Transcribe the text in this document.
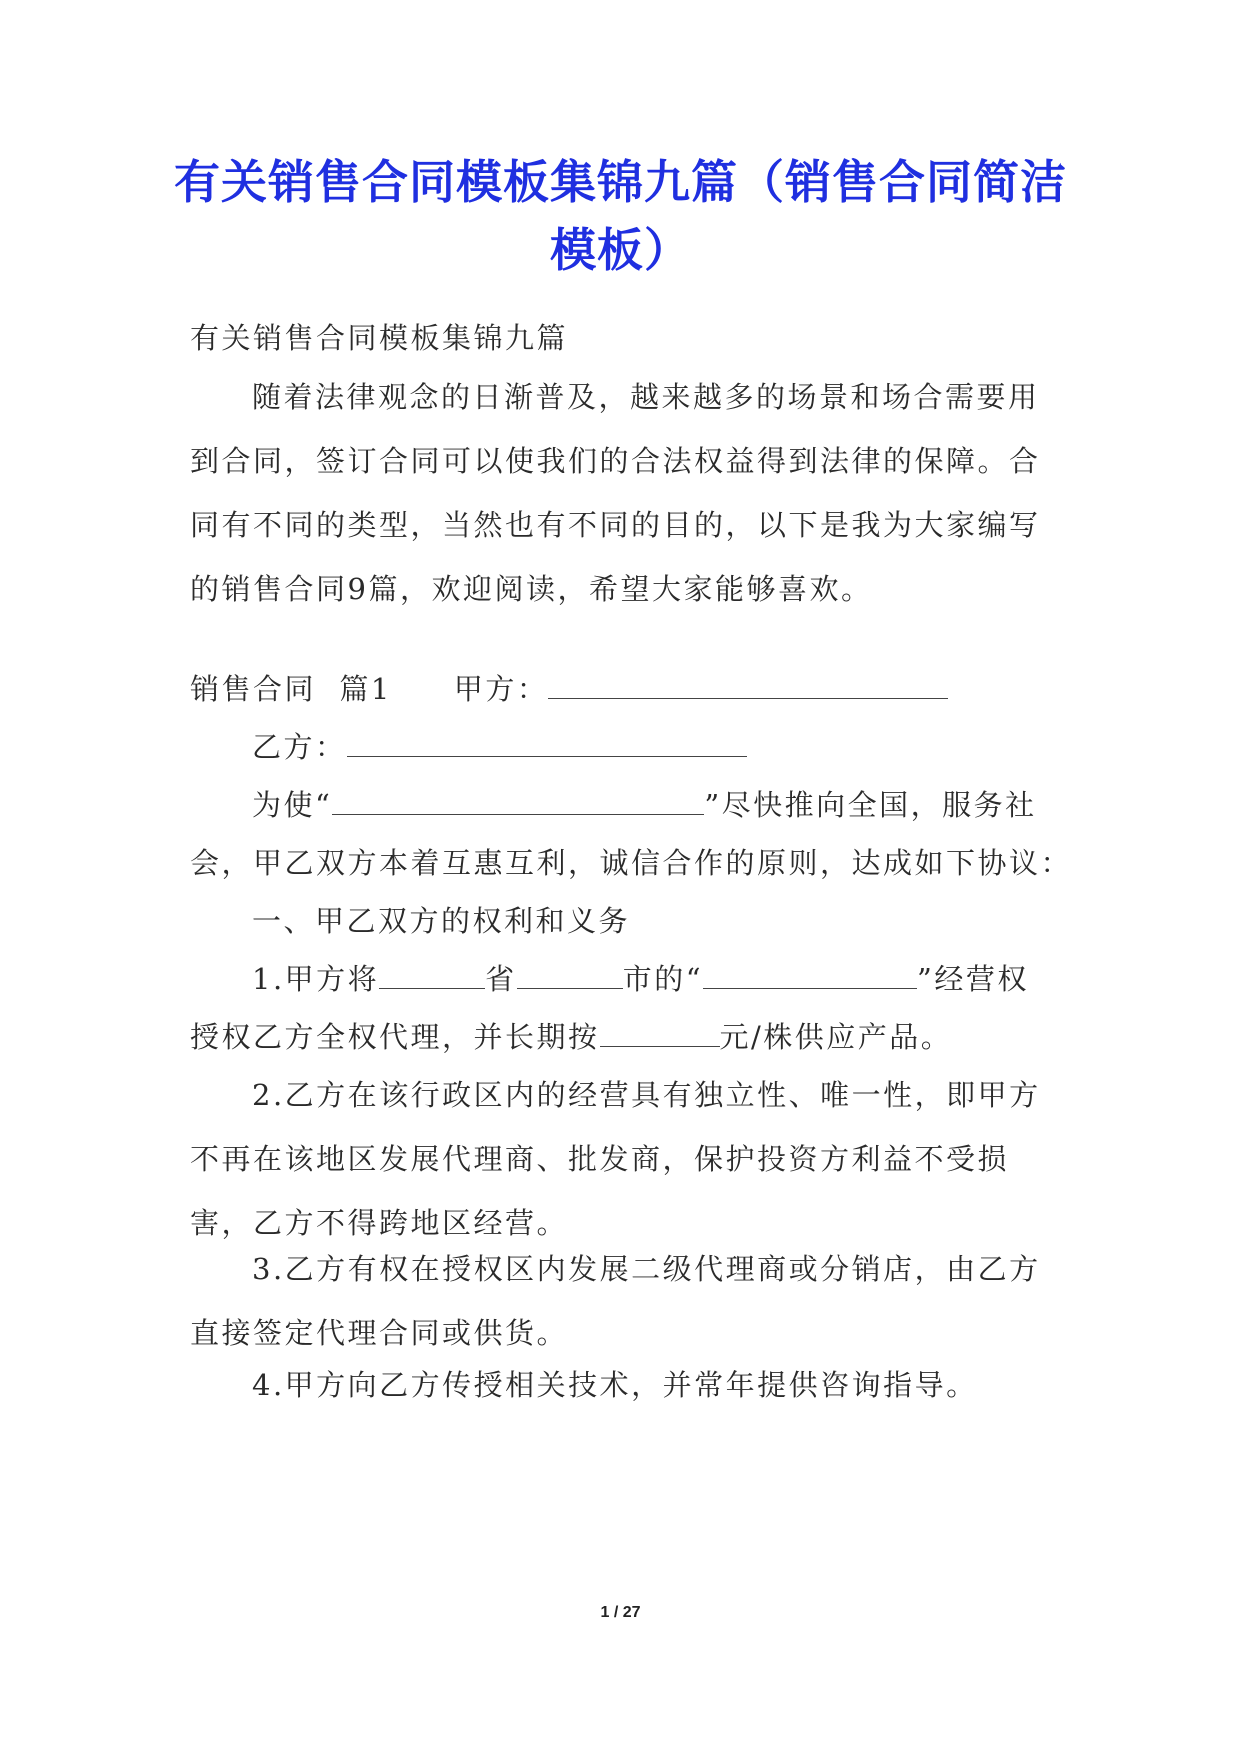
有关销售合同模板集锦九篇（销售合同简洁模板）
有关销售合同模板集锦九篇
随着法律观念的日渐普及，越来越多的场景和场合需要用到合同，签订合同可以使我们的合法权益得到法律的保障。合同有不同的类型，当然也有不同的目的，以下是我为大家编写的销售合同9篇，欢迎阅读，希望大家能够喜欢。
销售合同  篇1 甲方：
乙方：
为使“	”尽快推向全国，服务社
会，甲乙双方本着互惠互利，诚信合作的原则，达成如下协议：
一、甲乙双方的权利和义务
1.甲方将	省	市的“	”经营权
授权乙方全权代理，并长期按	元/株供应产品。
2.乙方在该行政区内的经营具有独立性、唯一性，即甲方不再在该地区发展代理商、批发商，保护投资方利益不受损害，乙方不得跨地区经营。
3.乙方有权在授权区内发展二级代理商或分销店，由乙方直接签定代理合同或供货。
4.甲方向乙方传授相关技术，并常年提供咨询指导。
1 / 27
